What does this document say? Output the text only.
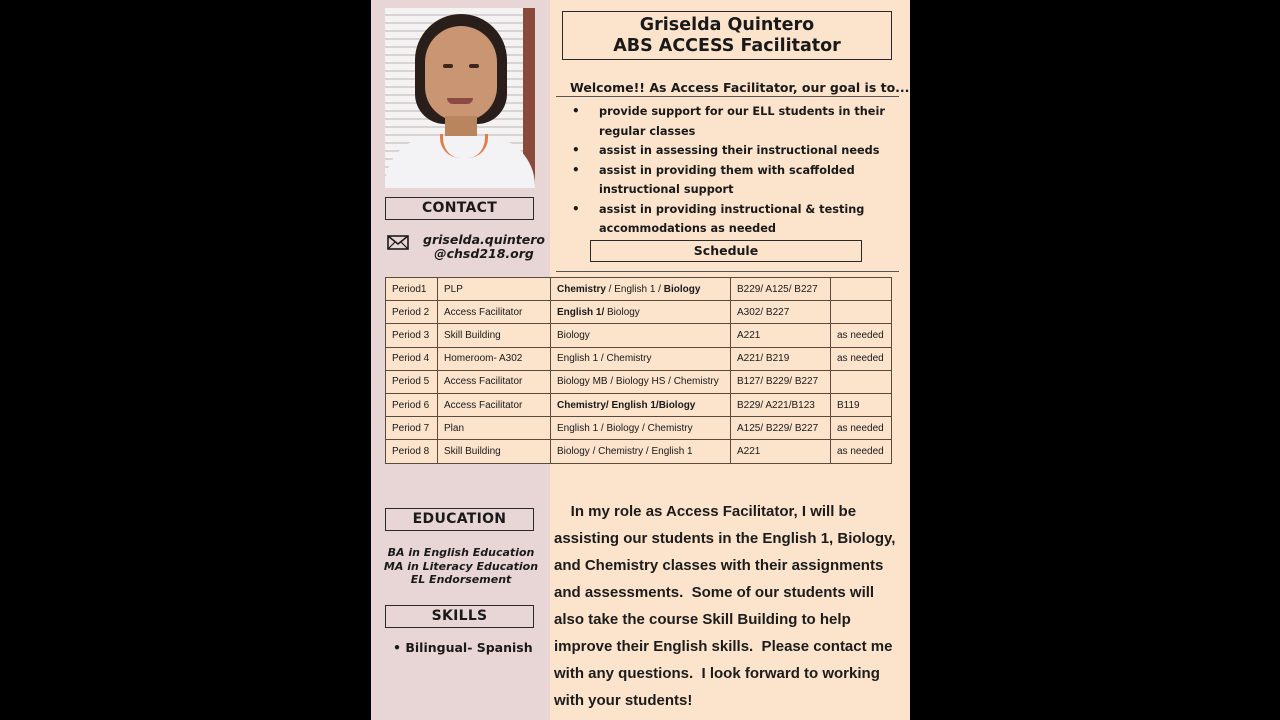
CONTACT
griselda.quintero
@chsd218.org
EDUCATION
BA in English Education
MA in Literacy Education
EL Endorsement
SKILLS
• Bilingual- Spanish
Griselda Quintero
ABS ACCESS Facilitator
Welcome!! As Access Facilitator, our goal is to...
• provide support for our ELL students in their regular classes
• assist in assessing their instructional needs
• assist in providing them with scaffolded instructional support
• assist in providing instructional & testing accommodations as needed
Schedule
Period1	PLP	Chemistry / English 1 / Biology	B229/ A125/ B227	
Period 2	Access Facilitator	English 1/ Biology	A302/ B227	
Period 3	Skill Building	Biology	A221	as needed
Period 4	Homeroom- A302	English 1 / Chemistry	A221/ B219	as needed
Period 5	Access Facilitator	Biology MB / Biology HS / Chemistry	B127/ B229/ B227	
Period 6	Access Facilitator	Chemistry/ English 1/Biology	B229/ A221/B123	B119
Period 7	Plan	English 1 / Biology / Chemistry	A125/ B229/ B227	as needed
Period 8	Skill Building	Biology / Chemistry / English 1	A221	as needed
In my role as Access Facilitator, I will be
assisting our students in the English 1, Biology,
and Chemistry classes with their assignments
and assessments.  Some of our students will
also take the course Skill Building to help
improve their English skills.  Please contact me
with any questions.  I look forward to working
with your students!
